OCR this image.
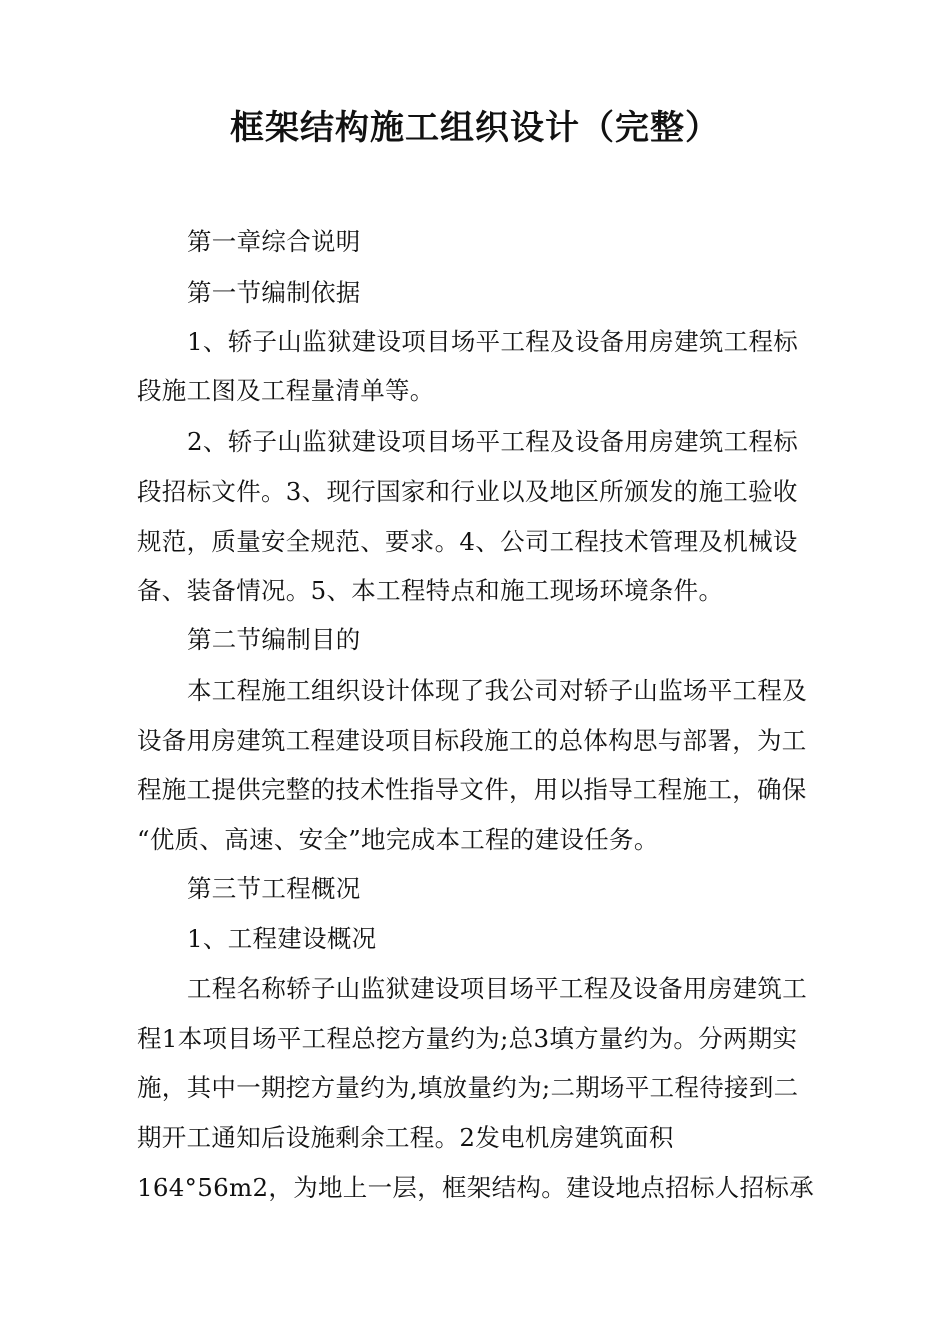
框架结构施工组织设计（完整）
第一章综合说明
第一节编制依据
1、轿子山监狱建设项目场平工程及设备用房建筑工程标
段施工图及工程量清单等。
2、轿子山监狱建设项目场平工程及设备用房建筑工程标
段招标文件。3、现行国家和行业以及地区所颁发的施工验收
规范，质量安全规范、要求。4、公司工程技术管理及机械设
备、装备情况。5、本工程特点和施工现场环境条件。
第二节编制目的
本工程施工组织设计体现了我公司对轿子山监场平工程及
设备用房建筑工程建设项目标段施工的总体构思与部署，为工
程施工提供完整的技术性指导文件，用以指导工程施工，确保
“优质、高速、安全”地完成本工程的建设任务。
第三节工程概况
1、工程建设概况
工程名称轿子山监狱建设项目场平工程及设备用房建筑工
程1本项目场平工程总挖方量约为;总3填方量约为。分两期实
施，其中一期挖方量约为,填放量约为;二期场平工程待接到二
期开工通知后设施剩余工程。2发电机房建筑面积
164°56m2，为地上一层，框架结构。建设地点招标人招标承
